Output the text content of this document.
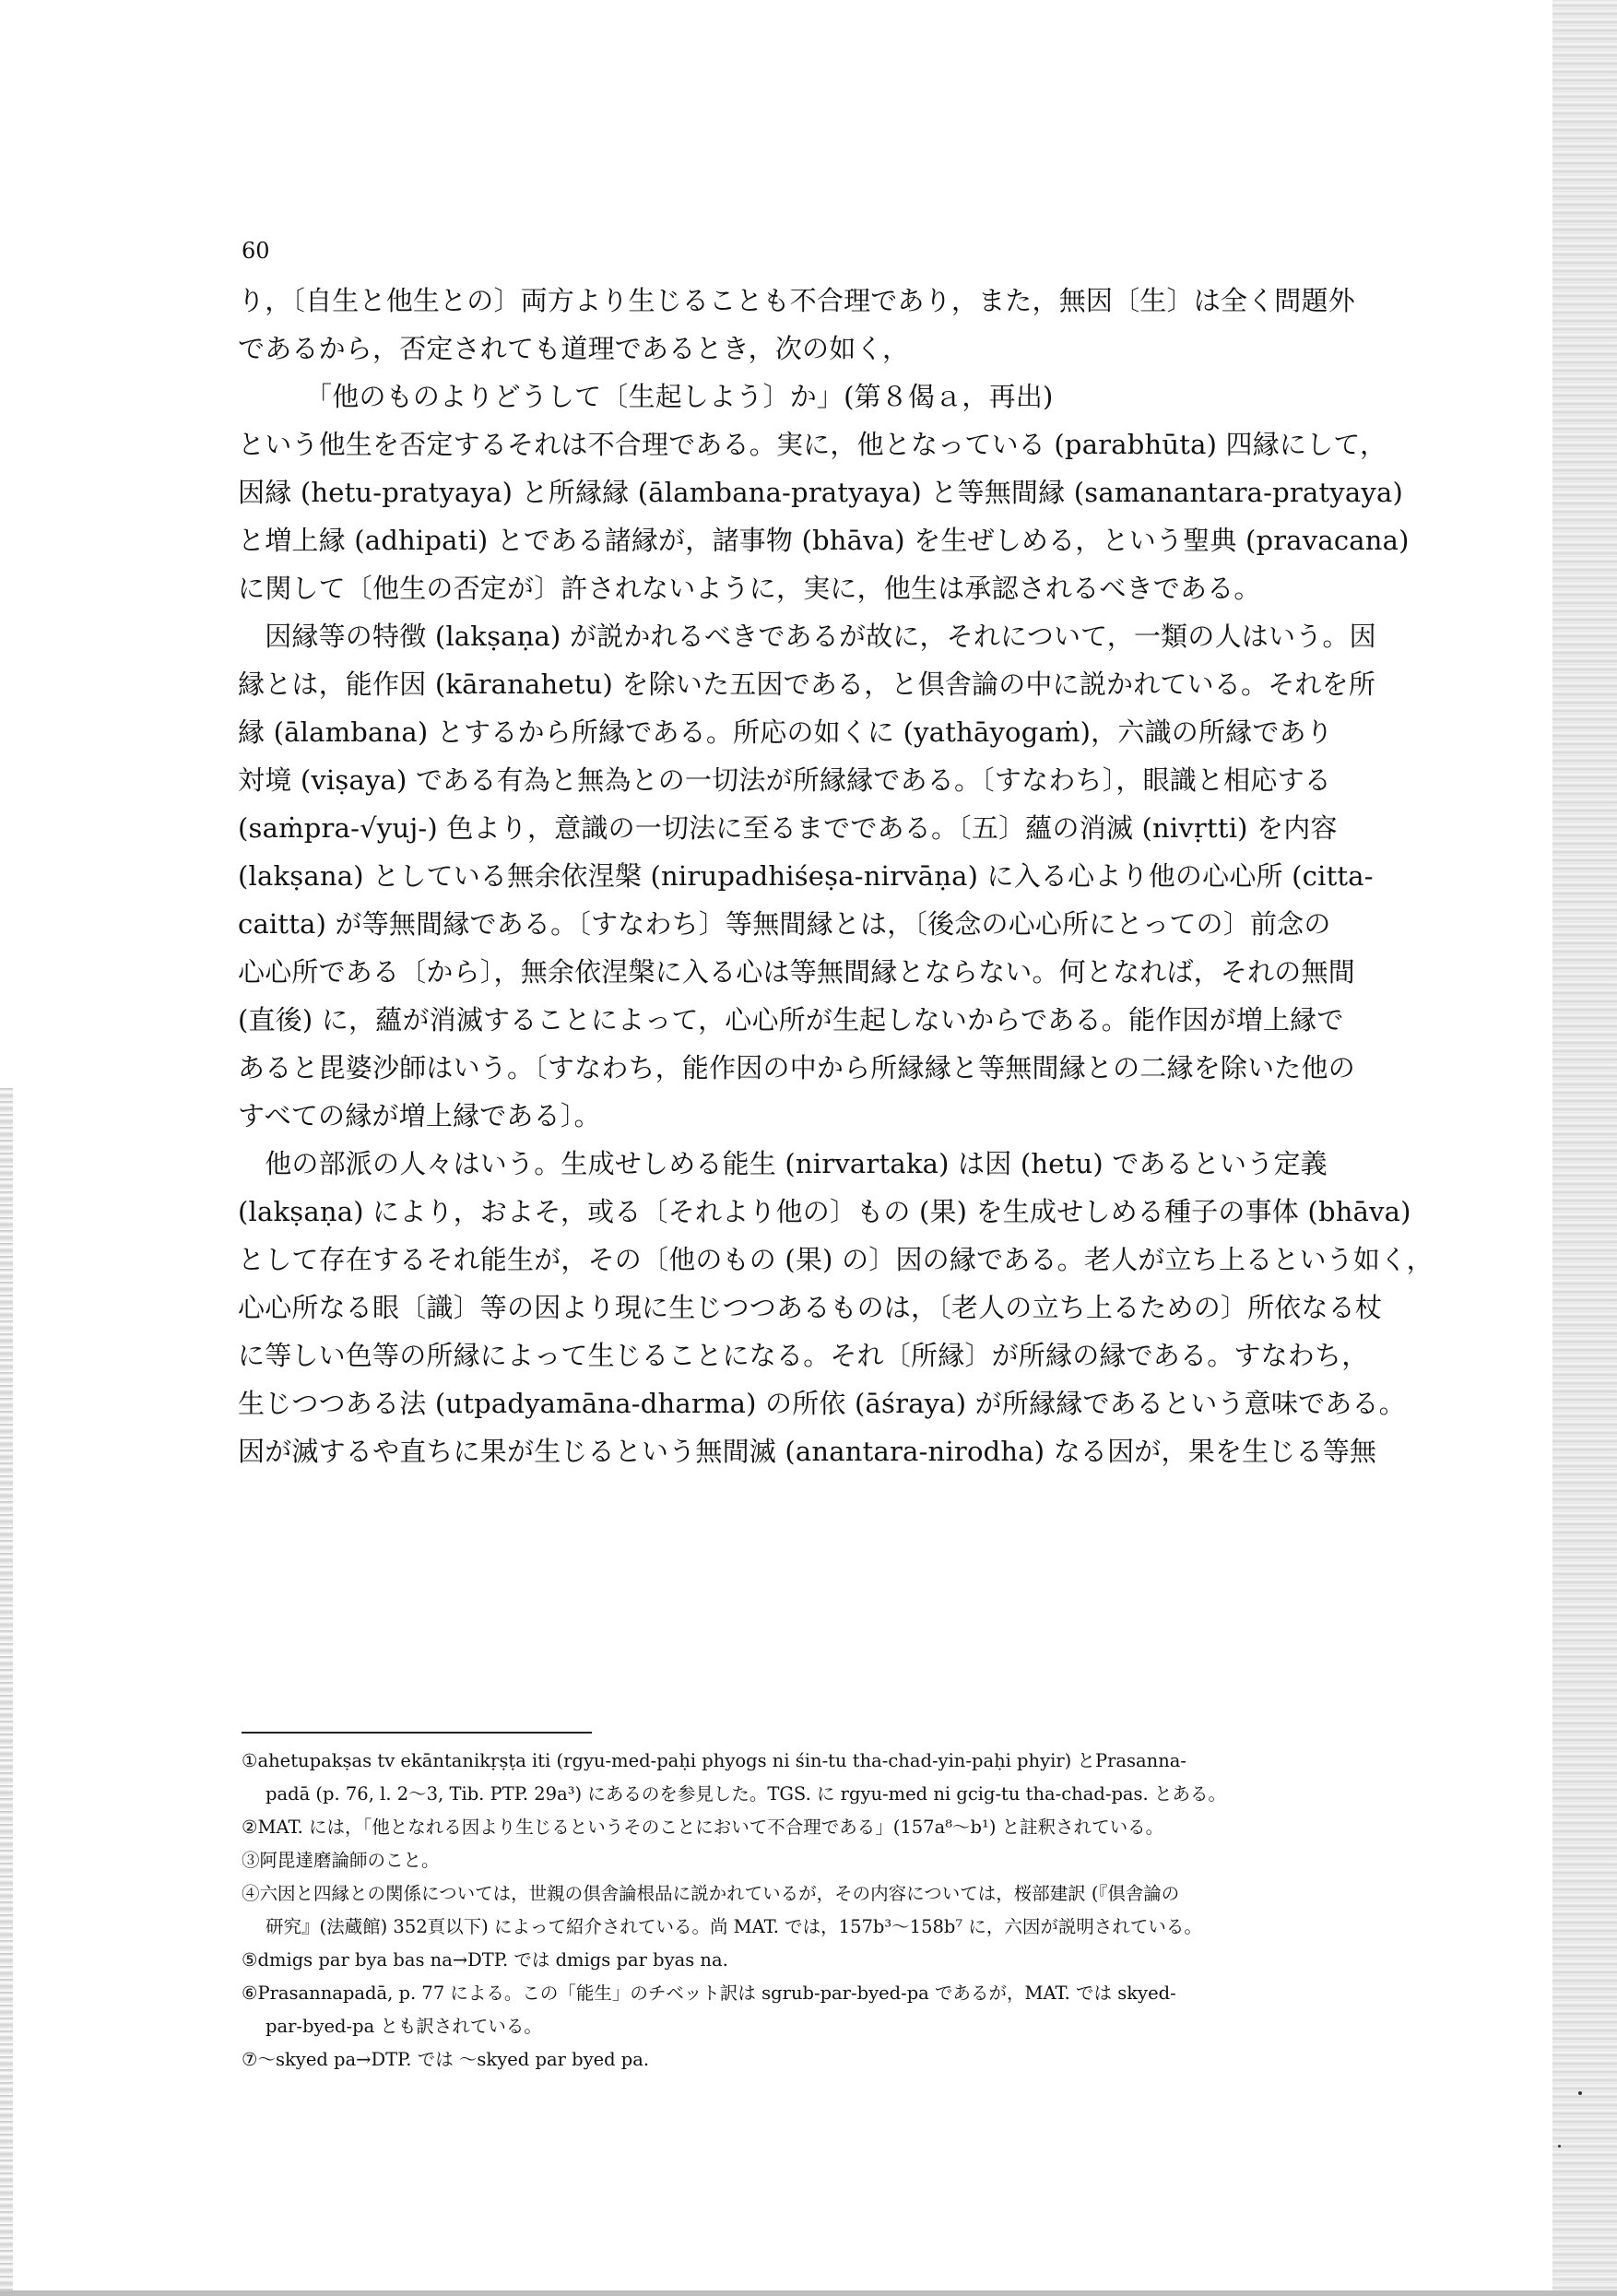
60
り，〔自生と他生との〕両方より生じることも不合理であり，また，無因〔生〕は全く問題外
であるから，否定されても道理であるとき，次の如く，
　　　「他のものよりどうして〔生起しよう〕か」(第８偈ａ，再出)
という他生を否定するそれは不合理である。実に，他となっている (parabhūta) 四縁にして，
因縁 (hetu-pratyaya) と所縁縁 (ālambana-pratyaya) と等無間縁 (samanantara-pratyaya)
と増上縁 (adhipati) とである諸縁が，諸事物 (bhāva) を生ぜしめる，という聖典 (pravacana)
に関して〔他生の否定が〕許されないように，実に，他生は承認されるべきである。
　因縁等の特徴 (lakṣaṇa) が説かれるべきであるが故に，それについて，一類の人はいう。因
縁とは，能作因 (kāranahetu) を除いた五因である，と倶舎論の中に説かれている。それを所
縁 (ālambana) とするから所縁である。所応の如くに (yathāyogaṁ)，六識の所縁であり
対境 (viṣaya) である有為と無為との一切法が所縁縁である。〔すなわち〕，眼識と相応する
(saṁpra-√yuj-) 色より，意識の一切法に至るまでである。〔五〕蘊の消滅 (nivṛtti) を内容
(lakṣana) としている無余依涅槃 (nirupadhiśeṣa-nirvāṇa) に入る心より他の心心所 (citta-
caitta) が等無間縁である。〔すなわち〕等無間縁とは，〔後念の心心所にとっての〕前念の
心心所である〔から〕，無余依涅槃に入る心は等無間縁とならない。何となれば，それの無間
(直後) に，蘊が消滅することによって，心心所が生起しないからである。能作因が増上縁で
あると毘婆沙師はいう。〔すなわち，能作因の中から所縁縁と等無間縁との二縁を除いた他の
すべての縁が増上縁である〕。
　他の部派の人々はいう。生成せしめる能生 (nirvartaka) は因 (hetu) であるという定義
(lakṣaṇa) により，およそ，或る〔それより他の〕もの (果) を生成せしめる種子の事体 (bhāva)
として存在するそれ能生が，その〔他のもの (果) の〕因の縁である。老人が立ち上るという如く，
心心所なる眼〔識〕等の因より現に生じつつあるものは，〔老人の立ち上るための〕所依なる杖
に等しい色等の所縁によって生じることになる。それ〔所縁〕が所縁の縁である。すなわち，
生じつつある法 (utpadyamāna-dharma) の所依 (āśraya) が所縁縁であるという意味である。
因が滅するや直ちに果が生じるという無間滅 (anantara-nirodha) なる因が，果を生じる等無
①ahetupakṣas tv ekāntanikṛṣṭa iti (rgyu-med-paḥi phyogs ni śin-tu tha-chad-yin-paḥi phyir) とPrasanna-
padā (p. 76, l. 2〜3, Tib. PTP. 29a³) にあるのを参見した。TGS. に rgyu-med ni gcig-tu tha-chad-pas. とある。
②MAT. には，「他となれる因より生じるというそのことにおいて不合理である」(157a⁸〜b¹) と註釈されている。
③阿毘達磨論師のこと。
④六因と四縁との関係については，世親の倶舎論根品に説かれているが，その内容については，桜部建訳 (『倶舎論の
研究』(法蔵館) 352頁以下) によって紹介されている。尚 MAT. では，157b³〜158b⁷ に，六因が説明されている。
⑤dmigs par bya bas na→DTP. では dmigs par byas na.
⑥Prasannapadā, p. 77 による。この「能生」のチベット訳は sgrub-par-byed-pa であるが，MAT. では skyed-
par-byed-pa とも訳されている。
⑦〜skyed pa→DTP. では 〜skyed par byed pa.
